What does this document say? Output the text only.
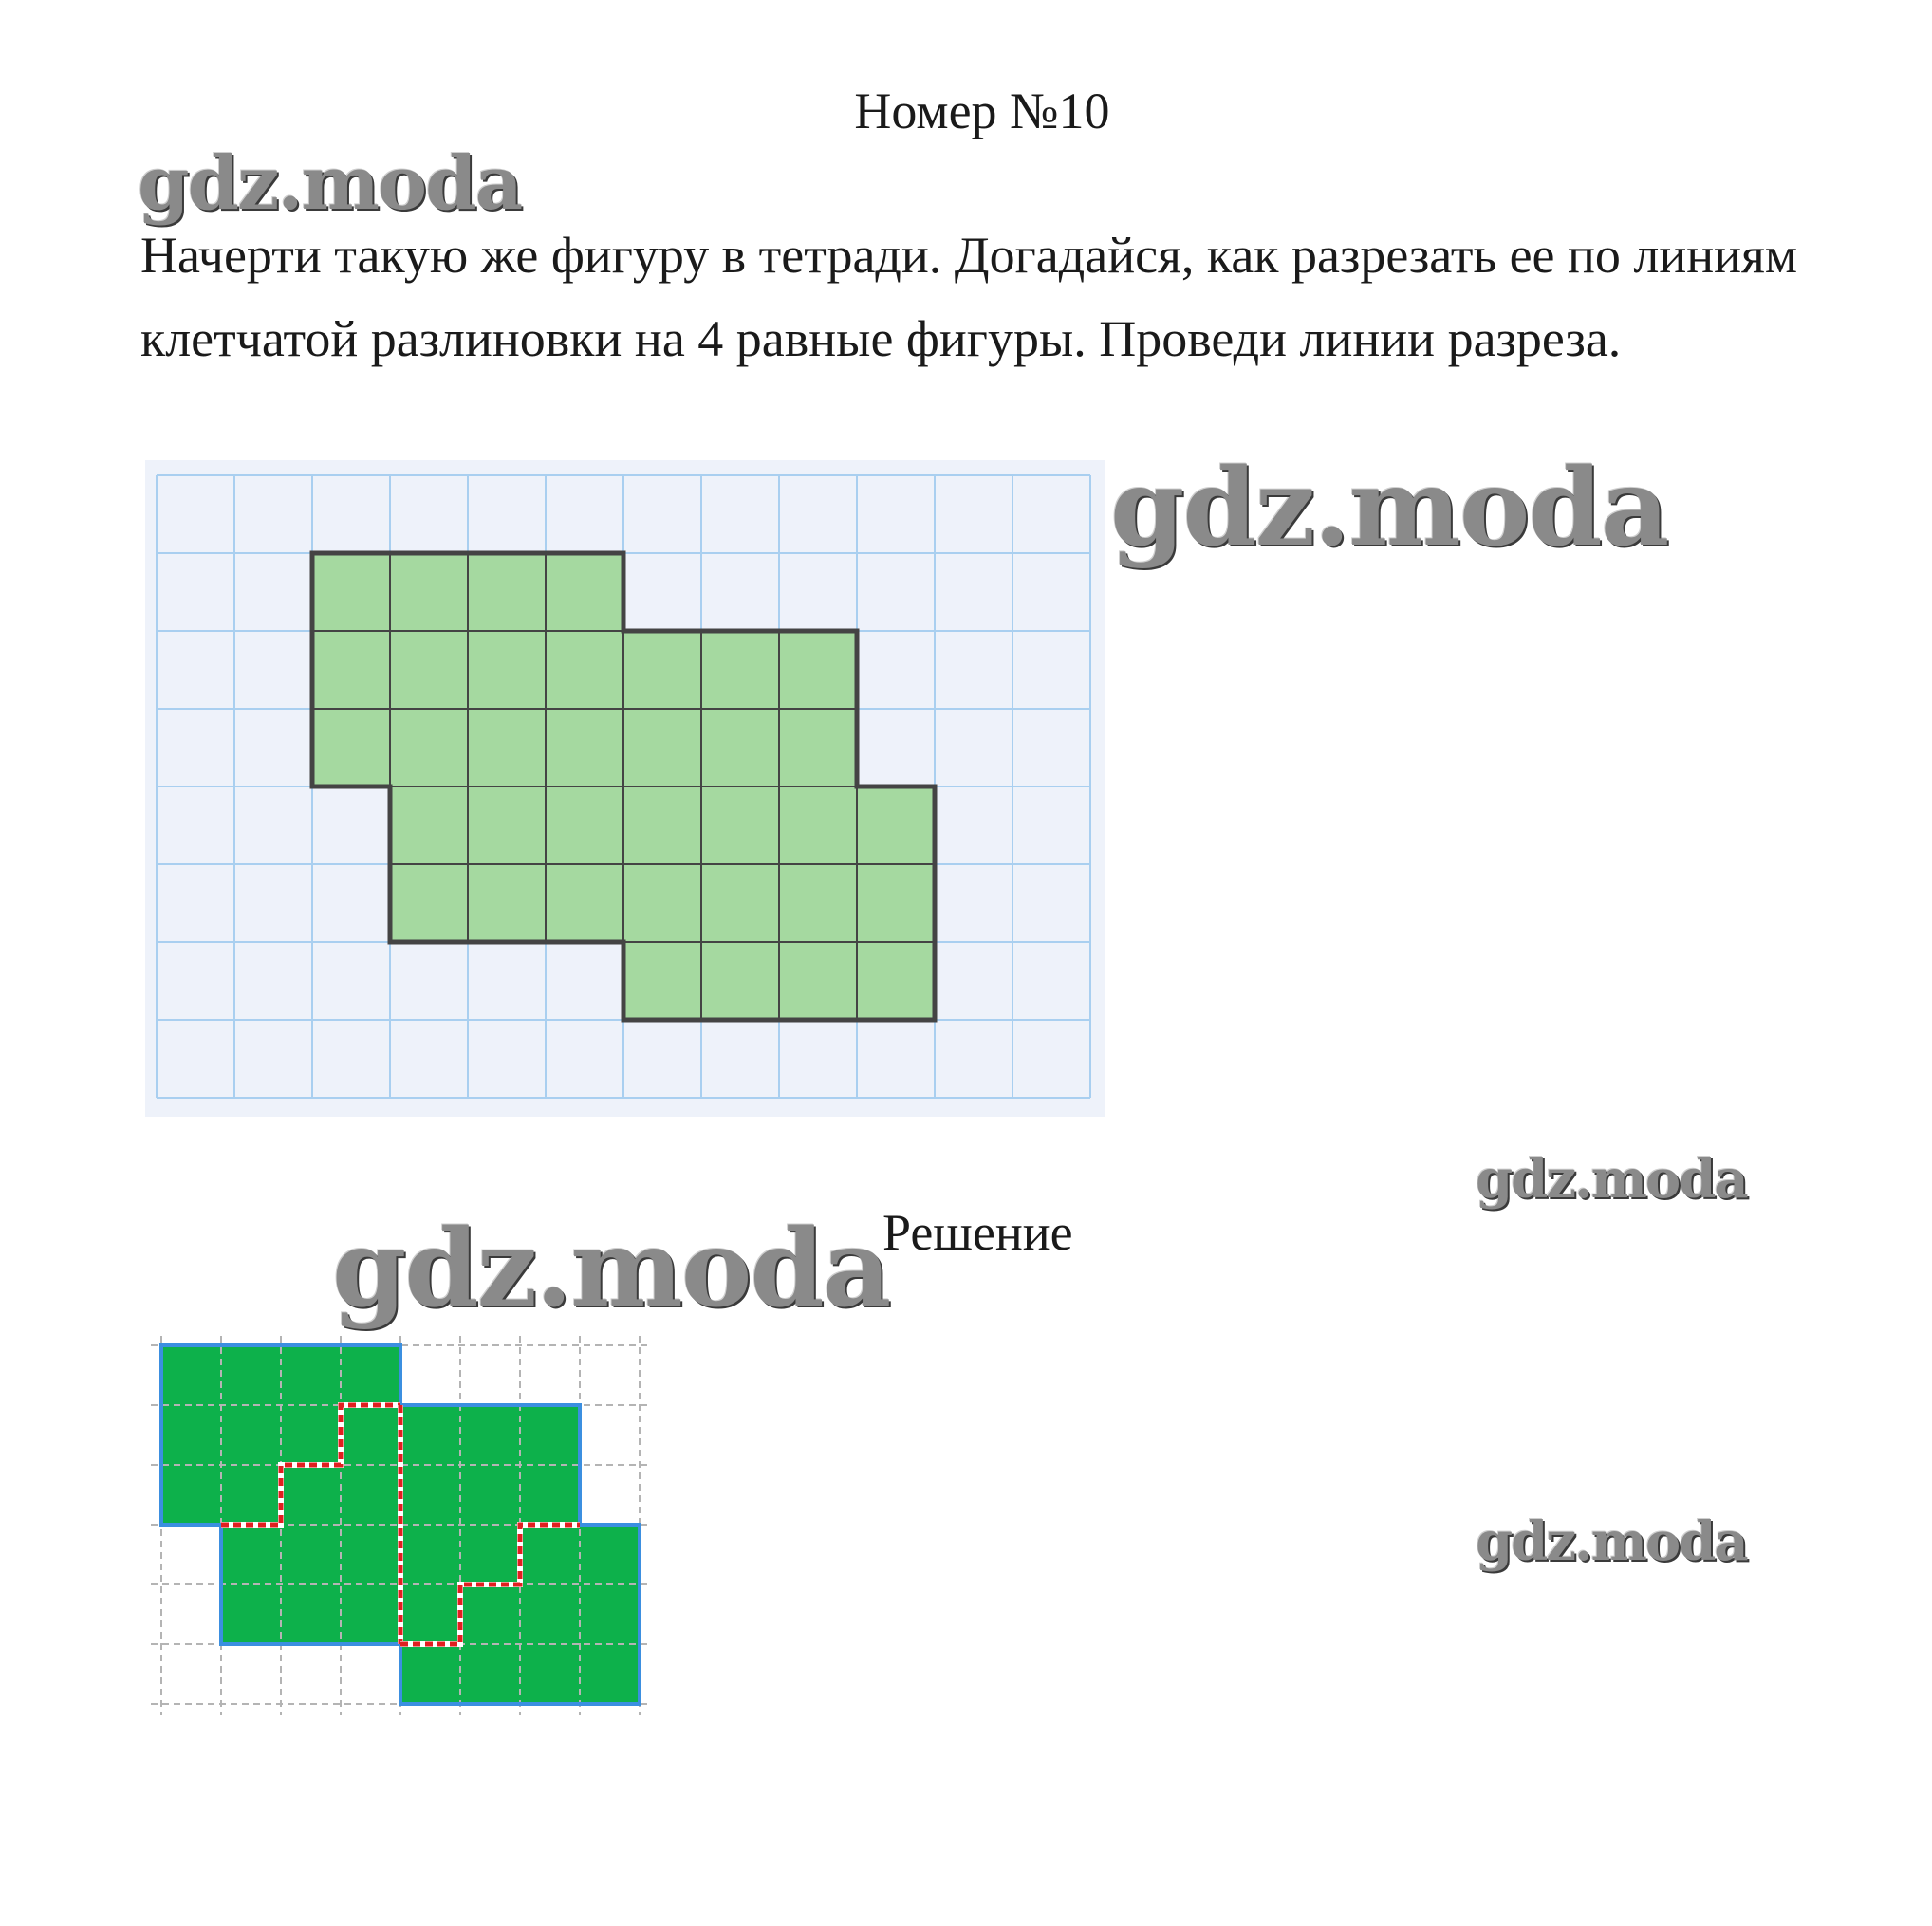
Номер №10
gdz.moda
Начерти такую же фигуру в тетради. Догадайся, как разрезать ее по линиям клетчатой разлиновки на 4 равные фигуры. Проведи линии разреза.
gdz.moda
gdz.moda
gdz.moda
Решение
gdz.moda
